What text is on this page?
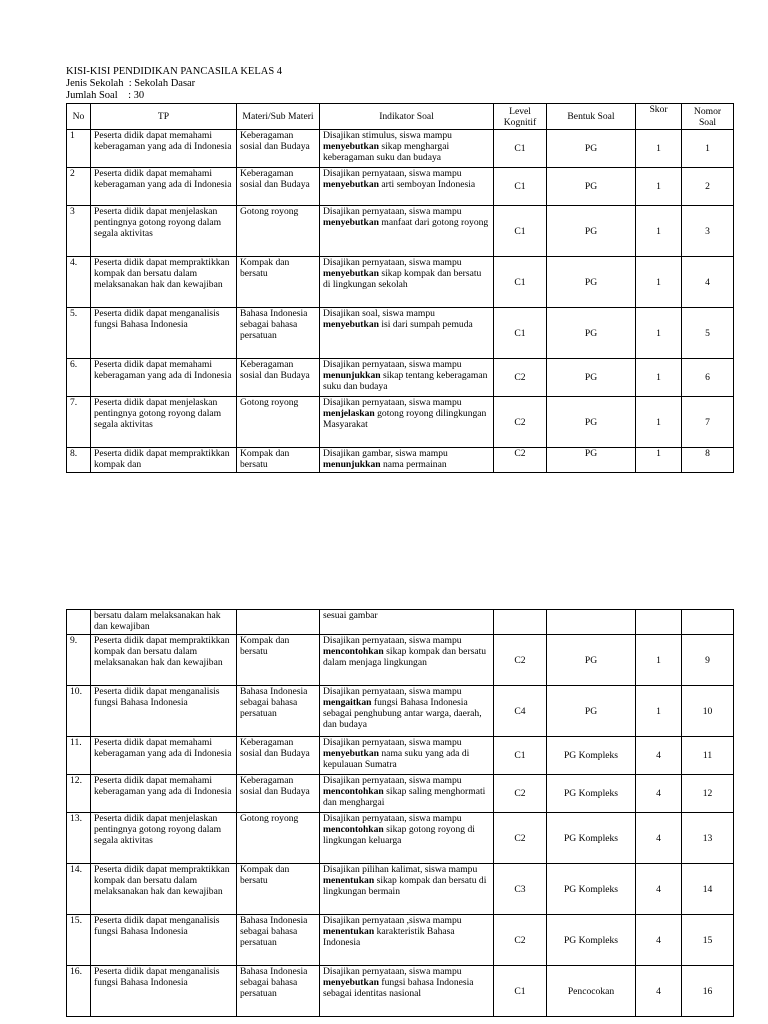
KISI-KISI PENDIDIKAN PANCASILA KELAS 4
Jenis Sekolah  : Sekolah Dasar
Jumlah Soal    : 30
No	TP	Materi/Sub Materi	Indikator Soal	Level Kognitif	Bentuk Soal	Skor	Nomor Soal
1	Peserta didik dapat memahami keberagaman yang ada di Indonesia	Keberagaman sosial dan Budaya	Disajikan stimulus, siswa mampu menyebutkan sikap menghargai keberagaman suku dan budaya	C1	PG	1	1
2	Peserta didik dapat memahami keberagaman yang ada di Indonesia	Keberagaman sosial dan Budaya	Disajikan pernyataan, siswa mampu menyebutkan arti semboyan Indonesia	C1	PG	1	2
3	Peserta didik dapat menjelaskan pentingnya gotong royong dalam segala aktivitas	Gotong royong	Disajikan pernyataan, siswa mampu menyebutkan manfaat dari gotong royong	C1	PG	1	3
4.	Peserta didik dapat mempraktikkan kompak dan bersatu dalam melaksanakan hak dan kewajiban	Kompak dan bersatu	Disajikan pernyataan, siswa mampu menyebutkan sikap kompak dan bersatu di lingkungan sekolah	C1	PG	1	4
5.	Peserta didik dapat menganalisis fungsi Bahasa Indonesia	Bahasa Indonesia sebagai bahasa persatuan	Disajikan soal, siswa mampu menyebutkan isi dari sumpah pemuda	C1	PG	1	5
6.	Peserta didik dapat memahami keberagaman yang ada di Indonesia	Keberagaman sosial dan Budaya	Disajikan pernyataan, siswa mampu menunjukkan sikap tentang keberagaman suku dan budaya	C2	PG	1	6
7.	Peserta didik dapat menjelaskan pentingnya gotong royong dalam segala aktivitas	Gotong royong	Disajikan pernyataan, siswa mampu menjelaskan gotong royong dilingkungan Masyarakat	C2	PG	1	7
8.	Peserta didik dapat mempraktikkan kompak dan	Kompak dan bersatu	Disajikan gambar, siswa mampu menunjukkan nama permainan	C2	PG	1	8
	bersatu dalam melaksanakan hak dan kewajiban		sesuai gambar				
9.	Peserta didik dapat mempraktikkan kompak dan bersatu dalam melaksanakan hak dan kewajiban	Kompak dan bersatu	Disajikan pernyataan, siswa mampu mencontohkan sikap kompak dan bersatu dalam menjaga lingkungan	C2	PG	1	9
10.	Peserta didik dapat menganalisis fungsi Bahasa Indonesia	Bahasa Indonesia sebagai bahasa persatuan	Disajikan pernyataan, siswa mampu mengaitkan fungsi Bahasa Indonesia sebagai penghubung antar warga, daerah, dan budaya	C4	PG	1	10
11.	Peserta didik dapat memahami keberagaman yang ada di Indonesia	Keberagaman sosial dan Budaya	Disajikan pernyataan, siswa mampu menyebutkan nama suku yang ada di kepulauan Sumatra	C1	PG Kompleks	4	11
12.	Peserta didik dapat memahami keberagaman yang ada di Indonesia	Keberagaman sosial dan Budaya	Disajikan pernyataan, siswa mampu mencontohkan sikap saling menghormati dan menghargai	C2	PG Kompleks	4	12
13.	Peserta didik dapat menjelaskan pentingnya gotong royong dalam segala aktivitas	Gotong royong	Disajikan pernyataan, siswa mampu mencontohkan sikap gotong royong di lingkungan keluarga	C2	PG Kompleks	4	13
14.	Peserta didik dapat mempraktikkan kompak dan bersatu dalam melaksanakan hak dan kewajiban	Kompak dan bersatu	Disajikan pilihan kalimat, siswa mampu menentukan sikap kompak dan bersatu di lingkungan bermain	C3	PG Kompleks	4	14
15.	Peserta didik dapat menganalisis fungsi Bahasa Indonesia	Bahasa Indonesia sebagai bahasa persatuan	Disajikan pernyataan ,siswa mampu menentukan karakteristik Bahasa Indonesia	C2	PG Kompleks	4	15
16.	Peserta didik dapat menganalisis fungsi Bahasa Indonesia	Bahasa Indonesia sebagai bahasa persatuan	Disajikan pernyataan, siswa mampu menyebutkan fungsi bahasa Indonesia sebagai identitas nasional	C1	Pencocokan	4	16
